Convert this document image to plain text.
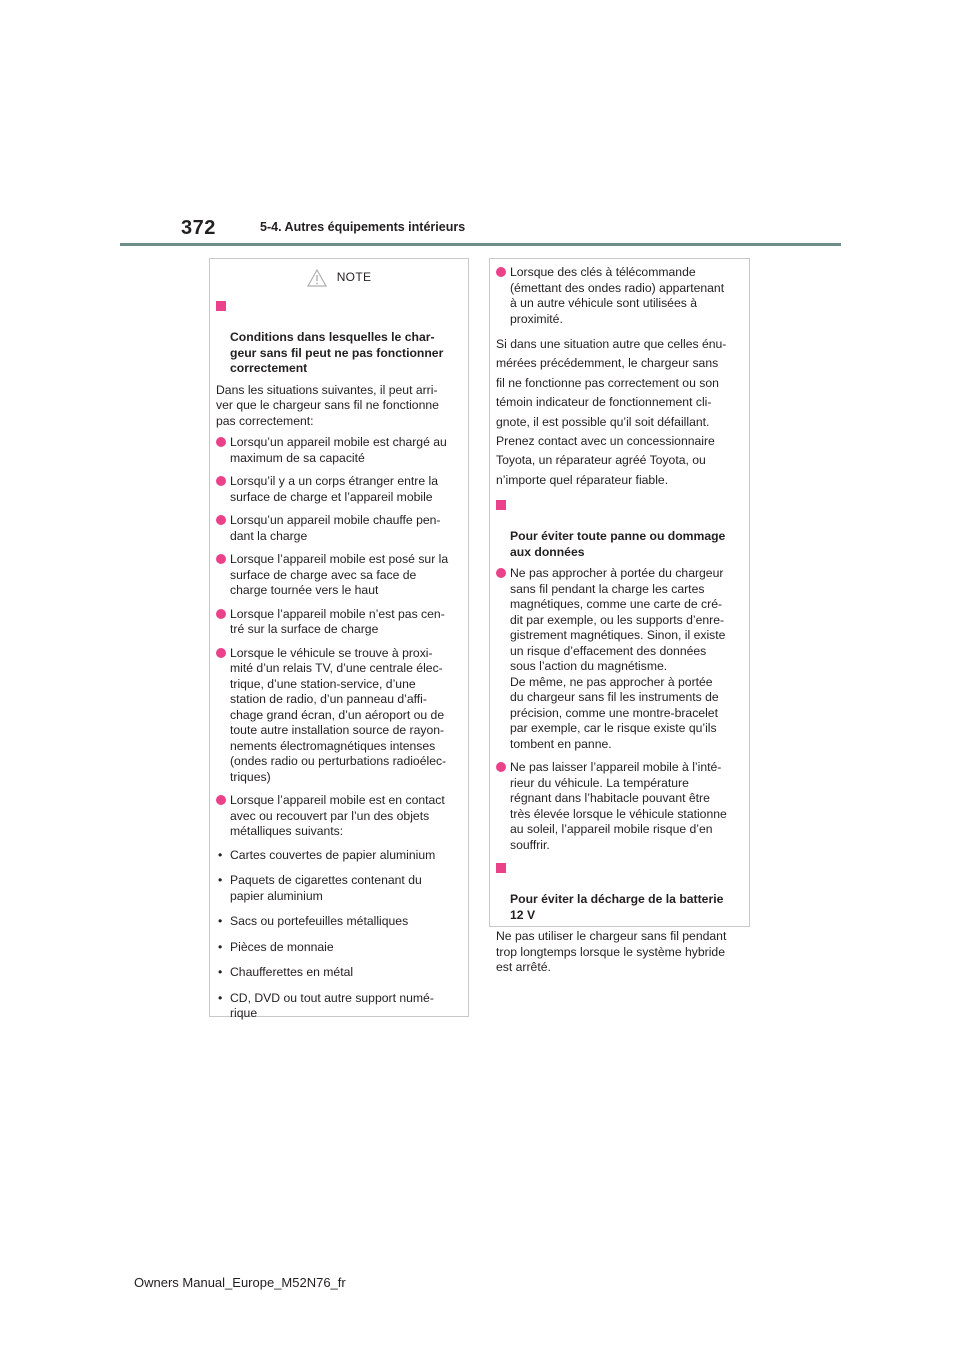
372	5-4. Autres équipements intérieurs
NOTE

Conditions dans lesquelles le char-
geur sans fil peut ne pas fonctionner
correctement

Dans les situations suivantes, il peut arri-
ver que le chargeur sans fil ne fonctionne
pas correctement:
Lorsqu’un appareil mobile est chargé au
maximum de sa capacité
Lorsqu’il y a un corps étranger entre la
surface de charge et l’appareil mobile
Lorsqu’un appareil mobile chauffe pen-
dant la charge
Lorsque l’appareil mobile est posé sur la
surface de charge avec sa face de
charge tournée vers le haut
Lorsque l’appareil mobile n’est pas cen-
tré sur la surface de charge
Lorsque le véhicule se trouve à proxi-
mité d’un relais TV, d’une centrale élec-
trique, d’une station-service, d’une
station de radio, d’un panneau d’affi-
chage grand écran, d’un aéroport ou de
toute autre installation source de rayon-
nements électromagnétiques intenses
(ondes radio ou perturbations radioélec-
triques)
Lorsque l’appareil mobile est en contact
avec ou recouvert par l’un des objets
métalliques suivants:
• Cartes couvertes de papier aluminium
• Paquets de cigarettes contenant du
papier aluminium
• Sacs ou portefeuilles métalliques
• Pièces de monnaie
• Chaufferettes en métal
• CD, DVD ou tout autre support numé-
rique
Lorsque des clés à télécommande
(émettant des ondes radio) appartenant
à un autre véhicule sont utilisées à
proximité.
Si dans une situation autre que celles énu-
mérées précédemment, le chargeur sans
fil ne fonctionne pas correctement ou son
témoin indicateur de fonctionnement cli-
gnote, il est possible qu’il soit défaillant.
Prenez contact avec un concessionnaire
Toyota, un réparateur agréé Toyota, ou
n’importe quel réparateur fiable.

Pour éviter toute panne ou dommage
aux données

Ne pas approcher à portée du chargeur
sans fil pendant la charge les cartes
magnétiques, comme une carte de cré-
dit par exemple, ou les supports d’enre-
gistrement magnétiques. Sinon, il existe
un risque d’effacement des données
sous l’action du magnétisme.
De même, ne pas approcher à portée
du chargeur sans fil les instruments de
précision, comme une montre-bracelet
par exemple, car le risque existe qu’ils
tombent en panne.
Ne pas laisser l’appareil mobile à l’inté-
rieur du véhicule. La température
régnant dans l’habitacle pouvant être
très élevée lorsque le véhicule stationne
au soleil, l’appareil mobile risque d’en
souffrir.

Pour éviter la décharge de la batterie
12 V

Ne pas utiliser le chargeur sans fil pendant
trop longtemps lorsque le système hybride
est arrêté.
Owners Manual_Europe_M52N76_fr
